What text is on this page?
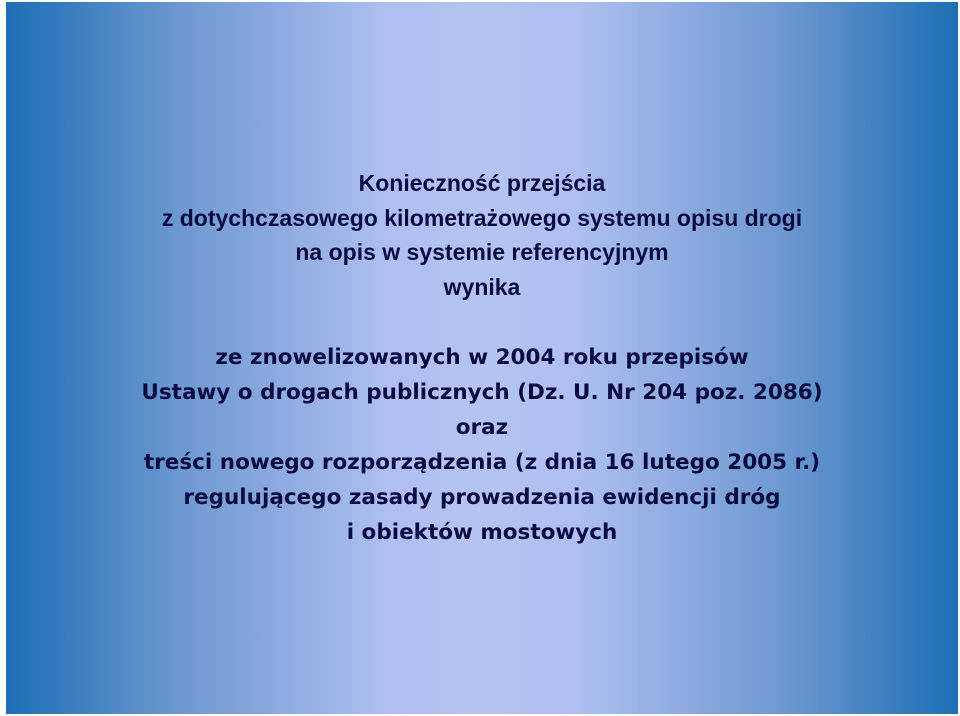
Konieczność przejścia
z dotychczasowego kilometrażowego systemu opisu drogi
na opis w systemie referencyjnym
wynika
ze znowelizowanych w 2004 roku przepisów
Ustawy o drogach publicznych (Dz. U. Nr 204 poz. 2086)
oraz
treści nowego rozporządzenia (z dnia 16 lutego 2005 r.)
regulującego zasady prowadzenia ewidencji dróg
i obiektów mostowych
